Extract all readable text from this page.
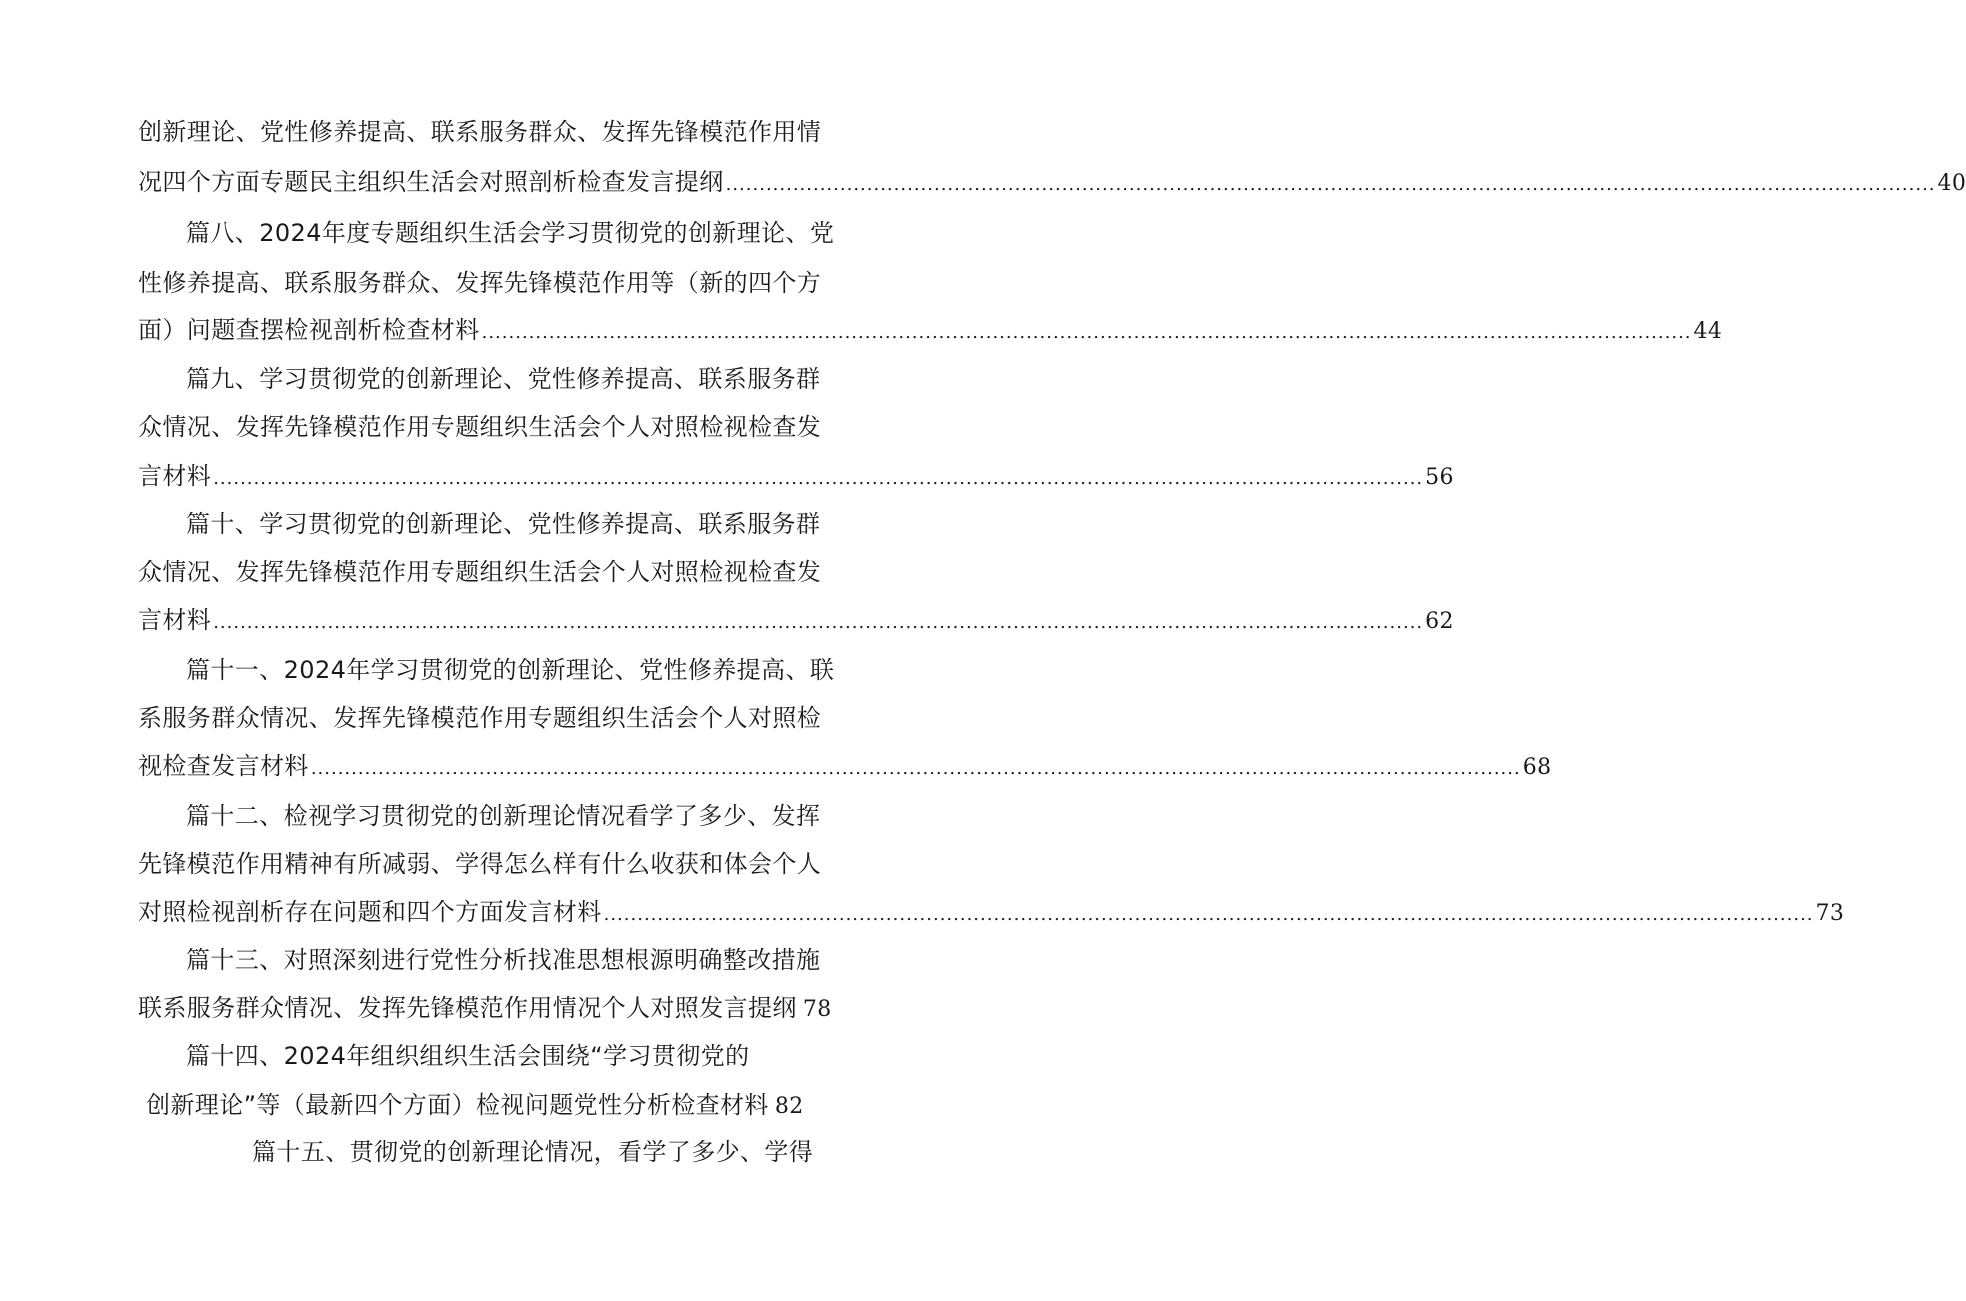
创新理论、党性修养提高、联系服务群众、发挥先锋模范作用情
况四个方面专题民主组织生活会对照剖析检查发言提纲 .....	40
篇八、2024年度专题组织生活会学习贯彻党的创新理论、党
性修养提高、联系服务群众、发挥先锋模范作用等（新的四个方
面）问题查摆检视剖析检查材料 .....	44
篇九、学习贯彻党的创新理论、党性修养提高、联系服务群
众情况、发挥先锋模范作用专题组织生活会个人对照检视检查发
言材料 .....	56
篇十、学习贯彻党的创新理论、党性修养提高、联系服务群
众情况、发挥先锋模范作用专题组织生活会个人对照检视检查发
言材料 .....	62
篇十一、2024年学习贯彻党的创新理论、党性修养提高、联
系服务群众情况、发挥先锋模范作用专题组织生活会个人对照检
视检查发言材料 .....	68
篇十二、检视学习贯彻党的创新理论情况看学了多少、发挥
先锋模范作用精神有所减弱、学得怎么样有什么收获和体会个人
对照检视剖析存在问题和四个方面发言材料 .....	73
篇十三、对照深刻进行党性分析找准思想根源明确整改措施
联系服务群众情况、发挥先锋模范作用情况个人对照发言提纲 78
篇十四、2024年组织组织生活会围绕“学习贯彻党的
创新理论”等（最新四个方面）检视问题党性分析检查材料 82
篇十五、贯彻党的创新理论情况，看学了多少、学得
